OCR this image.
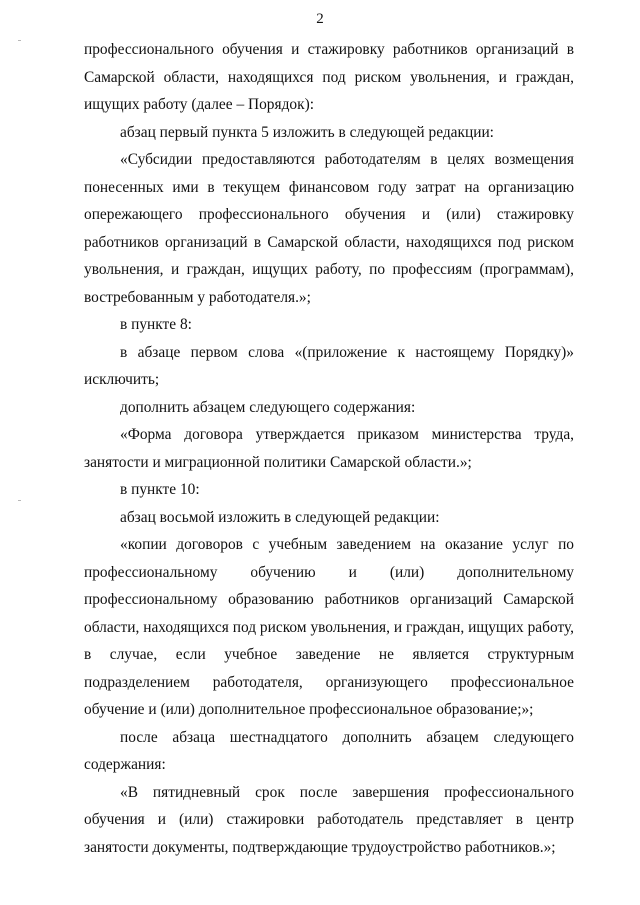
2

профессионального обучения и стажировку работников организаций в Самарской области, находящихся под риском увольнения, и граждан, ищущих работу (далее – Порядок):

абзац первый пункта 5 изложить в следующей редакции:

«Субсидии предоставляются работодателям в целях возмещения понесенных ими в текущем финансовом году затрат на организацию опережающего профессионального обучения и (или) стажировку работников организаций в Самарской области, находящихся под риском увольнения, и граждан, ищущих работу, по профессиям (программам), востребованным у работодателя.»;

в пункте 8:

в абзаце первом слова «(приложение к настоящему Порядку)» исключить;

дополнить абзацем следующего содержания:

«Форма договора утверждается приказом министерства труда, занятости и миграционной политики Самарской области.»;

в пункте 10:

абзац восьмой изложить в следующей редакции:

«копии договоров с учебным заведением на оказание услуг по профессиональному обучению и (или) дополнительному профессиональному образованию работников организаций Самарской области, находящихся под риском увольнения, и граждан, ищущих работу, в случае, если учебное заведение не является структурным подразделением работодателя, организующего профессиональное обучение и (или) дополнительное профессиональное образование;»;

после абзаца шестнадцатого дополнить абзацем следующего содержания:

«В пятидневный срок после завершения профессионального обучения и (или) стажировки работодатель представляет в центр занятости документы, подтверждающие трудоустройство работников.»;
